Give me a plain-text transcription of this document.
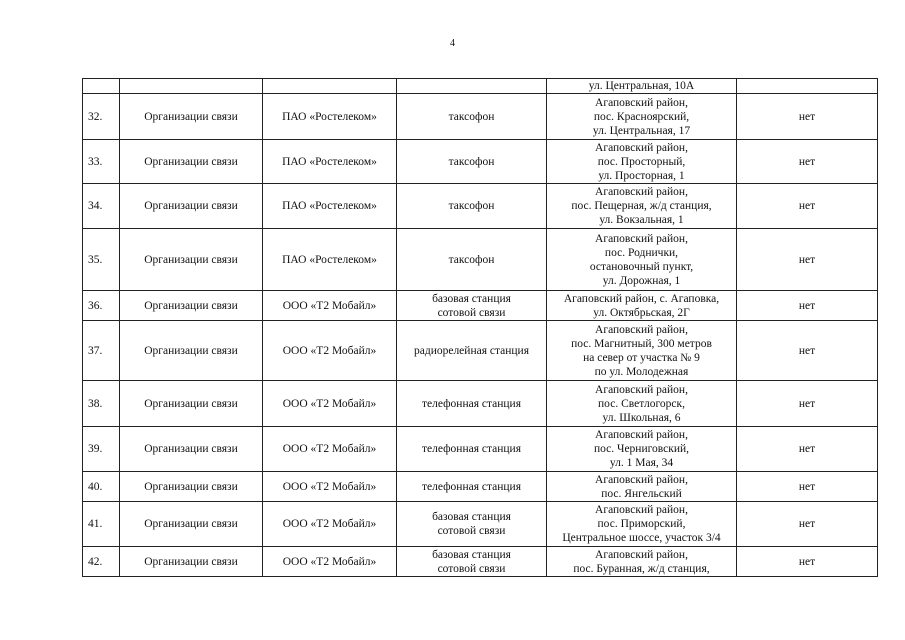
4

				ул. Центральная, 10А	

32.	Организации связи	ПАО «Ростелеком»	таксофон	Агаповский район,
пос. Красноярский,
ул. Центральная, 17	нет
33.	Организации связи	ПАО «Ростелеком»	таксофон	Агаповский район,
пос. Просторный,
ул. Просторная, 1	нет
34.	Организации связи	ПАО «Ростелеком»	таксофон	Агаповский район,
пос. Пещерная, ж/д станция,
ул. Вокзальная, 1	нет
35.	Организации связи	ПАО «Ростелеком»	таксофон	Агаповский район,
пос. Роднички,
остановочный пункт,
ул. Дорожная, 1	нет
36.	Организации связи	ООО «Т2 Мобайл»	базовая станция
сотовой связи	Агаповский район, с. Агаповка,
ул. Октябрьская, 2Г	нет
37.	Организации связи	ООО «Т2 Мобайл»	радиорелейная станция	Агаповский район,
пос. Магнитный, 300 метров
на север от участка № 9
по ул. Молодежная	нет
38.	Организации связи	ООО «Т2 Мобайл»	телефонная станция	Агаповский район,
пос. Светлогорск,
ул. Школьная, 6	нет
39.	Организации связи	ООО «Т2 Мобайл»	телефонная станция	Агаповский район,
пос. Черниговский,
ул. 1 Мая, 34	нет
40.	Организации связи	ООО «Т2 Мобайл»	телефонная станция	Агаповский район,
пос. Янгельский	нет
41.	Организации связи	ООО «Т2 Мобайл»	базовая станция
сотовой связи	Агаповский район,
пос. Приморский,
Центральное шоссе, участок 3/4	нет
42.	Организации связи	ООО «Т2 Мобайл»	базовая станция
сотовой связи	Агаповский район,
пос. Буранная, ж/д станция,	нет
